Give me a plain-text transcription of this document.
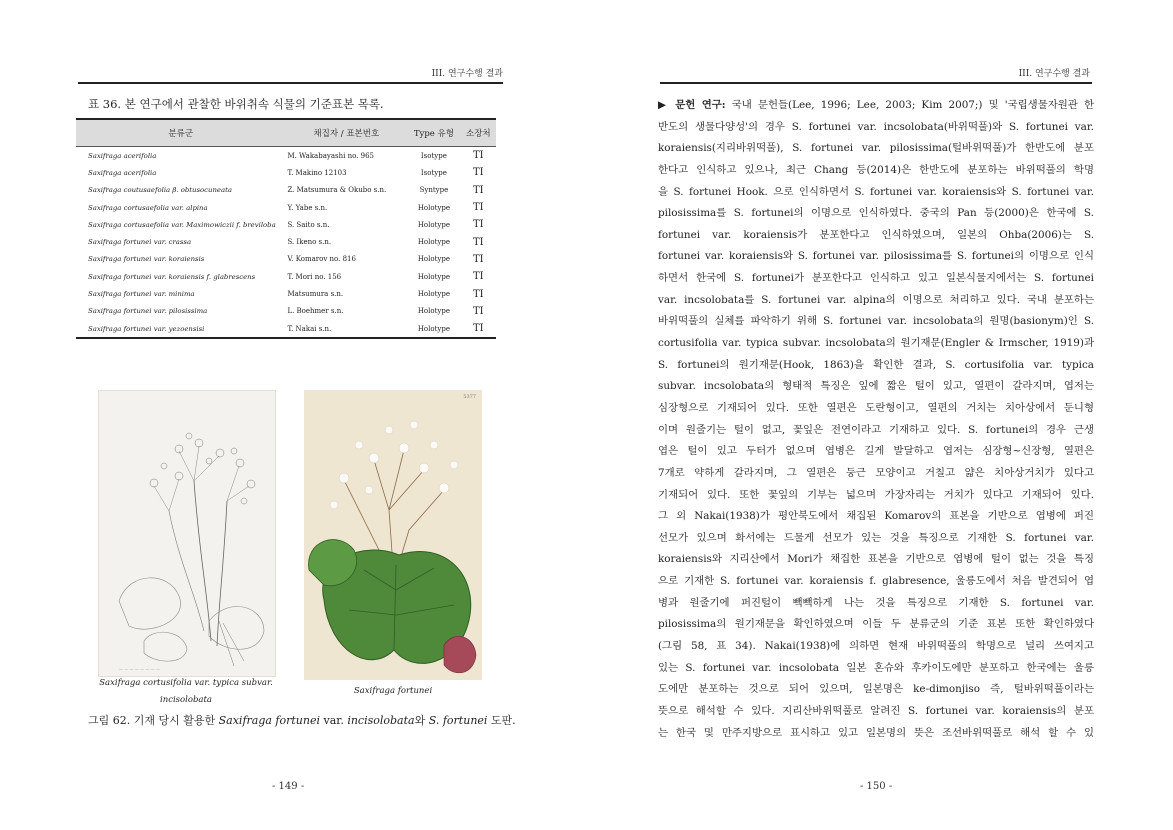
III. 연구수행 결과
표 36. 본 연구에서 관찰한 바위취속 식물의 기준표본 목록.
분류군	채집자 / 표본번호	Type 유형	소장처
Saxifraga acerifolia	M. Wakabayashi no. 965	Isotype	TI
Saxifraga acerifolia	T. Makino 12103	Isotype	TI
Saxifraga coutusaefolia β. obtusocuneata	Z. Matsumura & Okubo s.n.	Syntype	TI
Saxifraga cortusaefolia var. alpina	Y. Yabe s.n.	Holotype	TI
Saxifraga cortusaefolia var. Maximowiczii f. breviloba	S. Saito s.n.	Holotype	TI
Saxifraga fortunei var. crassa	S. Ikeno s.n.	Holotype	TI
Saxifraga fortunei var. koraiensis	V. Komarov no. 816	Holotype	TI
Saxifraga fortunei var. koraiensis f. glabrescens	T. Mori no. 156	Holotype	TI
Saxifraga fortunei var. minima	Matsumura s.n.	Holotype	TI
Saxifraga fortunei var. pilosissima	L. Boehmer s.n.	Holotype	TI
Saxifraga fortunei var. yezoensisi	T. Nakai s.n.	Holotype	TI
— — — — — — — —
5377
Saxifraga cortusifolia var. typica subvar.
incisolobata
Saxifraga fortunei
그림 62. 기재 당시 활용한 Saxifraga fortunei var. incisolobata와 S. fortunei 도판.
- 149 -
III. 연구수행 결과
- 150 -
▶ 문헌 연구: 국내 문헌들(Lee, 1996; Lee, 2003; Kim 2007;) 및 '국립생물자원관 한
반도의 생물다양성'의 경우 S. fortunei var. incsolobata(바위떡풀)와 S. fortunei var.
koraiensis(지리바위떡풀), S. fortunei var. pilosissima(털바위떡풀)가 한반도에 분포
한다고 인식하고 있으나, 최근 Chang 등(2014)은 한반도에 분포하는 바위떡풀의 학명
을 S. fortunei Hook. 으로 인식하면서 S. fortunei var. koraiensis와 S. fortunei var.
pilosissima를 S. fortunei의 이명으로 인식하였다. 중국의 Pan 등(2000)은 한국에 S.
fortunei var. koraiensis가 분포한다고 인식하였으며, 일본의 Ohba(2006)는 S.
fortunei var. koraiensis와 S. fortunei var. pilosissima를 S. fortunei의 이명으로 인식
하면서 한국에 S. fortunei가 분포한다고 인식하고 있고 일본식물지에서는 S. fortunei
var. incsolobata를 S. fortunei var. alpina의 이명으로 처리하고 있다. 국내 분포하는
바위떡풀의 실체를 파악하기 위해 S. fortunei var. incsolobata의 원명(basionym)인 S.
cortusifolia var. typica subvar. incsolobata의 원기재문(Engler & Irmscher, 1919)과
S. fortunei의 원기재문(Hook, 1863)을 확인한 결과, S. cortusifolia var. typica
subvar. incsolobata의 형태적 특징은 잎에 짧은 털이 있고, 열편이 갈라지며, 엽저는
심장형으로 기재되어 있다. 또한 열편은 도란형이고, 열편의 거치는 치아상에서 둔니형
이며 원줄기는 털이 없고, 꽃잎은 전연이라고 기재하고 있다. S. fortunei의 경우 근생
엽은 털이 있고 두터가 없으며 엽병은 길게 발달하고 엽저는 심장형~신장형, 열편은
7개로 약하게 갈라지며, 그 열편은 둥근 모양이고 거칠고 얇은 치아상거치가 있다고
기재되어 있다. 또한 꽃잎의 기부는 넓으며 가장자리는 거치가 있다고 기재되어 있다.
그 외 Nakai(1938)가 평안북도에서 채집된 Komarov의 표본을 기반으로 엽병에 퍼진
선모가 있으며 화서에는 드물게 선모가 있는 것을 특징으로 기재한 S. fortunei var.
koraiensis와 지리산에서 Mori가 채집한 표본을 기반으로 엽병에 털이 없는 것을 특징
으로 기재한 S. fortunei var. koraiensis f. glabresence, 울릉도에서 처음 발견되어 엽
병과 원줄기에 퍼진털이 빽빽하게 나는 것을 특징으로 기재한 S. fortunei var.
pilosissima의 원기재문을 확인하였으며 이들 두 분류군의 기준 표본 또한 확인하였다
(그림 58, 표 34). Nakai(1938)에 의하면 현재 바위떡풀의 학명으로 널리 쓰여지고
있는 S. fortunei var. incsolobata 일본 혼슈와 후카이도에만 분포하고 한국에는 울릉
도에만 분포하는 것으로 되어 있으며, 일본명은 ke-dimonjiso 즉, 털바위떡풀이라는
뜻으로 해석할 수 있다. 지리산바위떡풀로 알려진 S. fortunei var. koraiensis의 분포
는 한국 및 만주지방으로 표시하고 있고 일본명의 뜻은 조선바위떡풀로 해석 할 수 있
